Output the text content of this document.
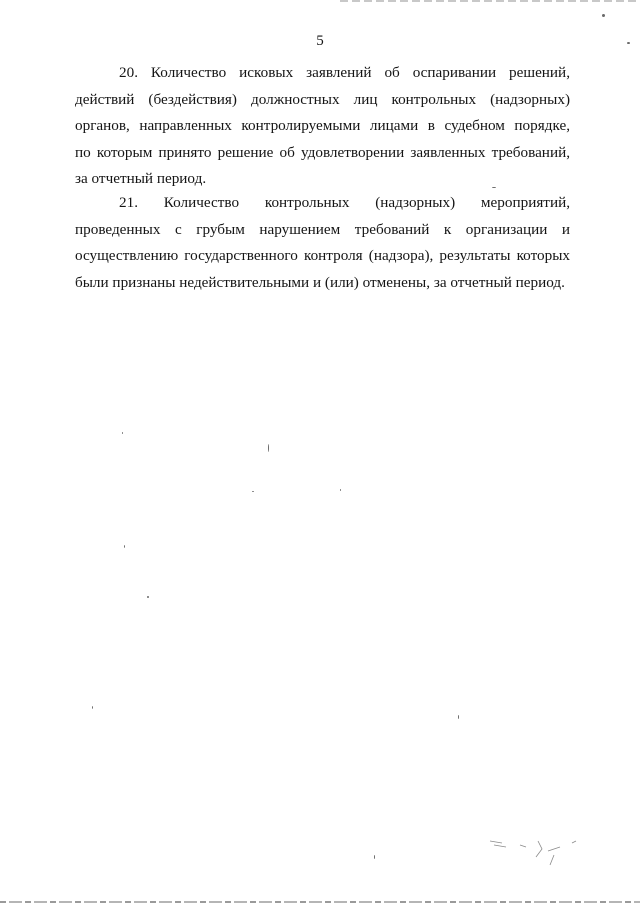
5
20. Количество исковых заявлений об оспаривании решений,
действий (бездействия) должностных лиц контрольных (надзорных)
органов, направленных контролируемыми лицами в судебном порядке,
по которым принято решение об удовлетворении заявленных требований,
за отчетный период.
21. Количество контрольных (надзорных) мероприятий,
проведенных с грубым нарушением требований к организации и
осуществлению государственного контроля (надзора), результаты которых
были признаны недействительными и (или) отменены, за отчетный период.
